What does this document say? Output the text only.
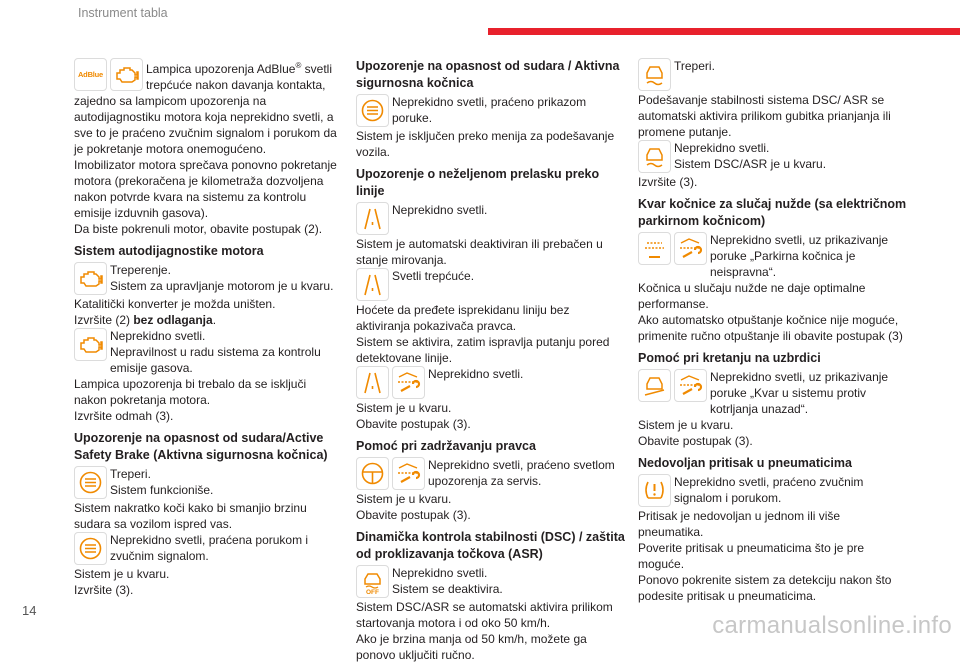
Instrument tabla

AdBlue	Lampica upozorenja AdBlue® svetli trepćuće nakon davanja kontakta, zajedno sa lampicom upozorenja na autodijagnostiku motora koja neprekidno svetli, a sve to je praćeno zvučnim signalom i porukom da je pokretanje motora onemogućeno.

Imobilizator motora sprečava ponovno pokretanje motora (prekoračena je kilometraža dozvoljena nakon potvrde kvara na sistemu za kontrolu emisije izduvnih gasova).

Da biste pokrenuli motor, obavite postupak (2).

Sistem autodijagnostike motora

Treperenje.

Sistem za upravljanje motorom je u kvaru.

Katalitički konverter je možda uništen.

Izvršite (2) bez odlaganja.

Neprekidno svetli.

Nepravilnost u radu sistema za kontrolu emisije gasova.

Lampica upozorenja bi trebalo da se isključi nakon pokretanja motora.

Izvršite odmah (3).

Upozorenje na opasnost od sudara/Active Safety Brake (Aktivna sigurnosna kočnica)

Treperi.

Sistem funkcioniše.

Sistem nakratko koči kako bi smanjio brzinu sudara sa vozilom ispred vas.

Neprekidno svetli, praćena porukom i zvučnim signalom.

Sistem je u kvaru.

Izvršite (3).

Upozorenje na opasnost od sudara / Aktivna sigurnosna kočnica

Neprekidno svetli, praćeno prikazom poruke.

Sistem je isključen preko menija za podešavanje vozila.

Upozorenje o neželjenom prelasku preko linije

Neprekidno svetli.

Sistem je automatski deaktiviran ili prebačen u stanje mirovanja.

Svetli trepćuće.

Hoćete da pređete isprekidanu liniju bez aktiviranja pokazivača pravca.

Sistem se aktivira, zatim ispravlja putanju pored detektovane linije.

Neprekidno svetli.

Sistem je u kvaru.

Obavite postupak (3).

Pomoć pri zadržavanju pravca

Neprekidno svetli, praćeno svetlom upozorenja za servis.

Sistem je u kvaru.

Obavite postupak (3).

Dinamička kontrola stabilnosti (DSC) / zaštita od proklizavanja točkova (ASR)
OFF

Neprekidno svetli.

Sistem se deaktivira.

Sistem DSC/ASR se automatski aktivira prilikom startovanja motora i od oko 50 km/h.

Ako je brzina manja od 50 km/h, možete ga ponovo uključiti ručno.

Treperi.

Podešavanje stabilnosti sistema DSC/ ASR se automatski aktivira prilikom gubitka prianjanja ili promene putanje.

Neprekidno svetli.

Sistem DSC/ASR je u kvaru.

Izvršite (3).

Kvar kočnice za slučaj nužde (sa električnom parkirnom kočnicom)

Neprekidno svetli, uz prikazivanje poruke „Parkirna kočnica je neispravna“.

Kočnica u slučaju nužde ne daje optimalne performanse.

Ako automatsko otpuštanje kočnice nije moguće, primenite ručno otpuštanje ili obavite postupak (3)

Pomoć pri kretanju na uzbrdici

Neprekidno svetli, uz prikazivanje poruke „Kvar u sistemu protiv kotrljanja unazad“.

Sistem je u kvaru.

Obavite postupak (3).

Nedovoljan pritisak u pneumaticima

Neprekidno svetli, praćeno zvučnim signalom i porukom.

Pritisak je nedovoljan u jednom ili više pneumatika.

Poverite pritisak u pneumaticima što je pre moguće.

Ponovo pokrenite sistem za detekciju nakon što podesite pritisak u pneumaticima.

14
carmanualsonline.info
